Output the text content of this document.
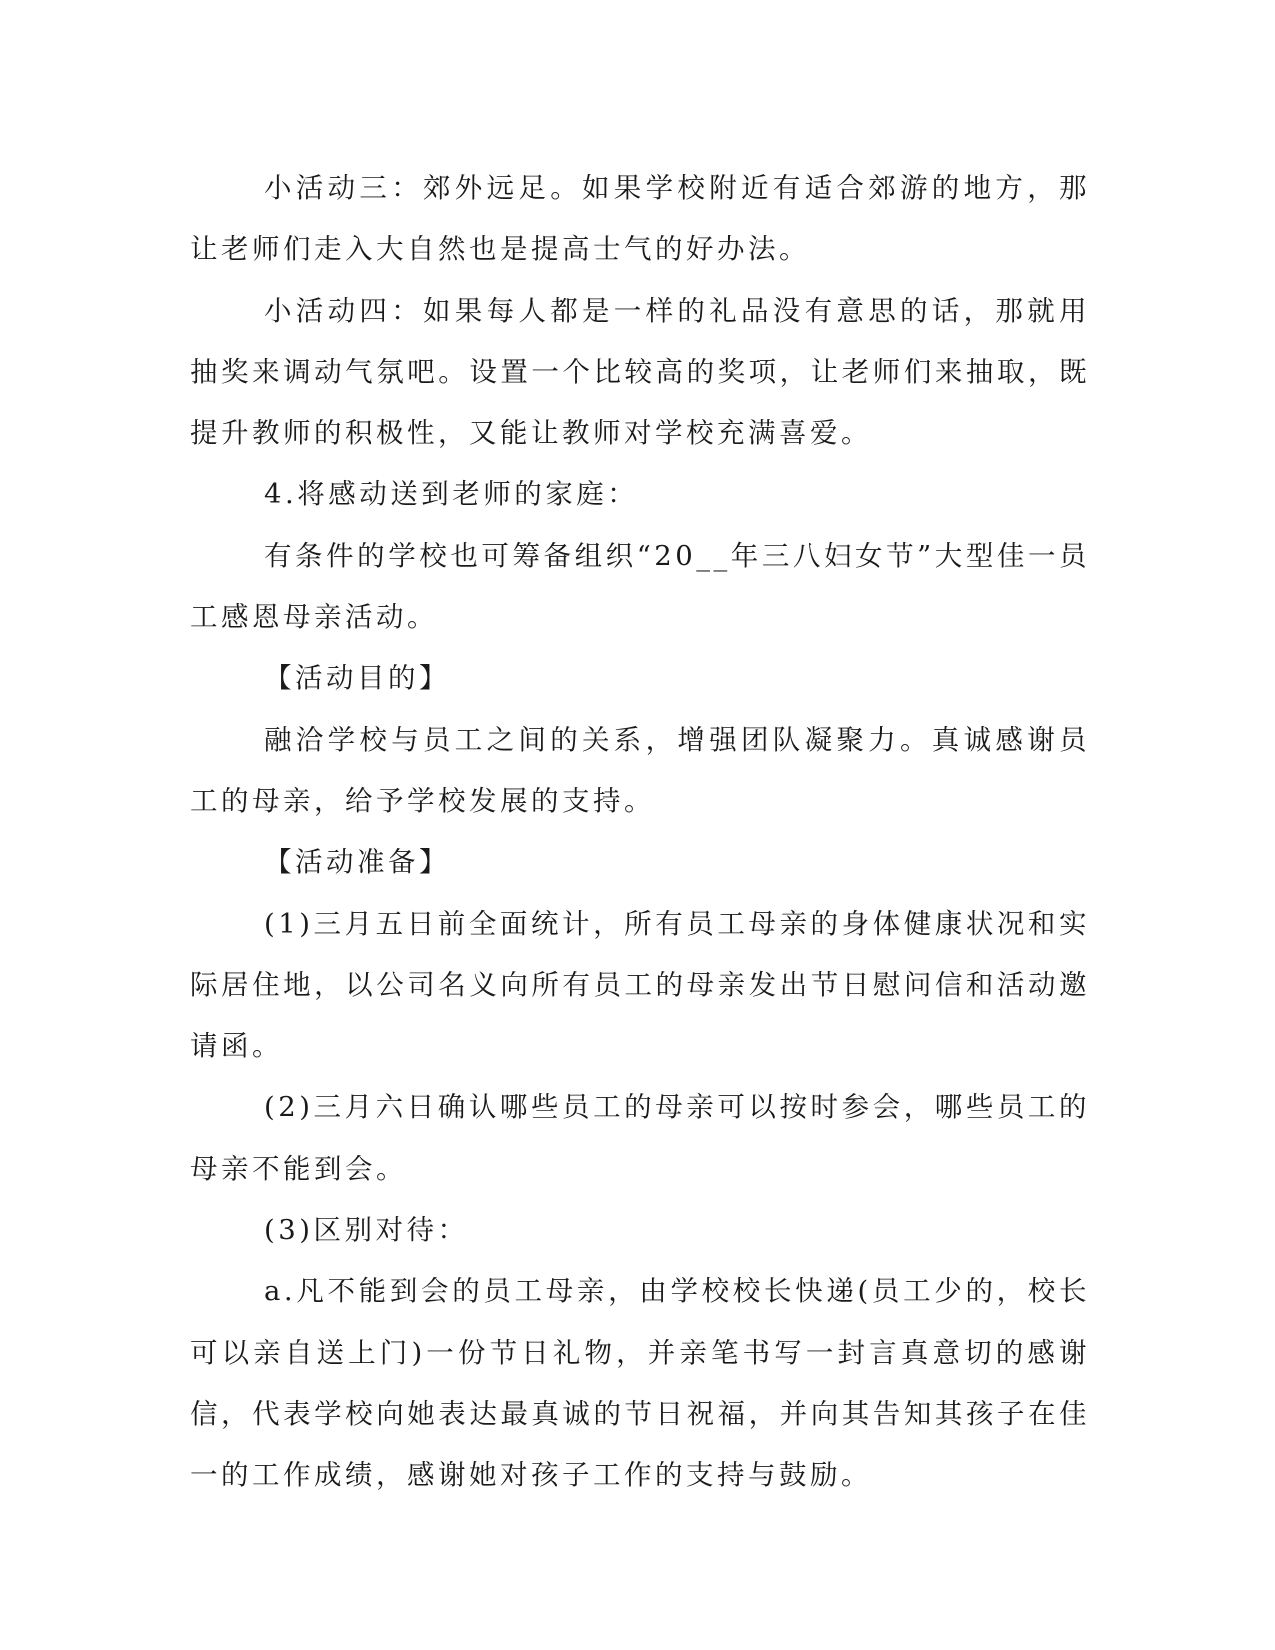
小活动三：郊外远足。如果学校附近有适合郊游的地方，那让老师们走入大自然也是提高士气的好办法。

小活动四：如果每人都是一样的礼品没有意思的话，那就用抽奖来调动气氛吧。设置一个比较高的奖项，让老师们来抽取，既提升教师的积极性，又能让教师对学校充满喜爱。

4.将感动送到老师的家庭：

有条件的学校也可筹备组织“20__年三八妇女节”大型佳一员工感恩母亲活动。

【活动目的】

融洽学校与员工之间的关系，增强团队凝聚力。真诚感谢员工的母亲，给予学校发展的支持。

【活动准备】

(1)三月五日前全面统计，所有员工母亲的身体健康状况和实际居住地，以公司名义向所有员工的母亲发出节日慰问信和活动邀请函。

(2)三月六日确认哪些员工的母亲可以按时参会，哪些员工的母亲不能到会。

(3)区别对待：

a.凡不能到会的员工母亲，由学校校长快递(员工少的，校长可以亲自送上门)一份节日礼物，并亲笔书写一封言真意切的感谢信，代表学校向她表达最真诚的节日祝福，并向其告知其孩子在佳一的工作成绩，感谢她对孩子工作的支持与鼓励。
